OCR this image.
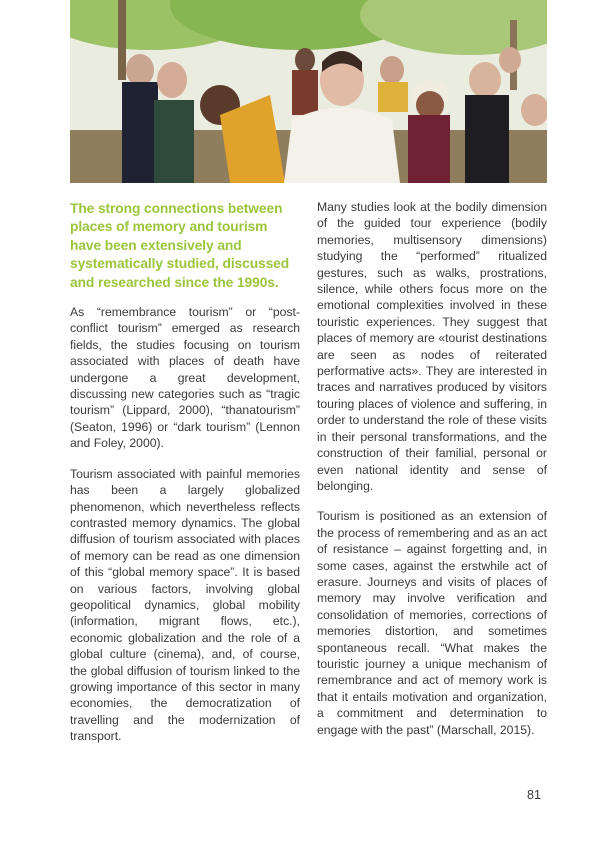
The strong connections between places of memory and tourism have been extensively and systematically studied, discussed and researched since the 1990s.

As “remembrance tourism” or “post-conflict tourism” emerged as research fields, the studies focusing on tourism associated with places of death have undergone a great development, discussing new categories such as “tragic tourism” (Lippard, 2000), “thanatourism” (Seaton, 1996) or “dark tourism” (Lennon and Foley, 2000).

Tourism associated with painful memories has been a largely globalized phenomenon, which nevertheless reflects contrasted memory dynamics. The global diffusion of tourism associated with places of memory can be read as one dimension of this “global memory space”. It is based on various factors, involving global geopolitical dynamics, global mobility (information, migrant flows, etc.), economic globalization and the role of a global culture (cinema), and, of course, the global diffusion of tourism linked to the growing importance of this sector in many economies, the democratization of travelling and the modernization of transport.

Many studies look at the bodily dimension of the guided tour experience (bodily memories, multisensory dimensions) studying the “performed” ritualized gestures, such as walks, prostrations, silence, while others focus more on the emotional complexities involved in these touristic experiences. They suggest that places of memory are «tourist destinations are seen as nodes of reiterated performative acts». They are interested in traces and narratives produced by visitors touring places of violence and suffering, in order to understand the role of these visits in their personal transformations, and the construction of their familial, personal or even national identity and sense of belonging.

Tourism is positioned as an extension of the process of remembering and as an act of resistance – against forgetting and, in some cases, against the erstwhile act of erasure. Journeys and visits of places of memory may involve verification and consolidation of memories, corrections of memories distortion, and sometimes spontaneous recall. “What makes the touristic journey a unique mechanism of remembrance and act of memory work is that it entails motivation and organization, a commitment and determination to engage with the past” (Marschall, 2015).

81
